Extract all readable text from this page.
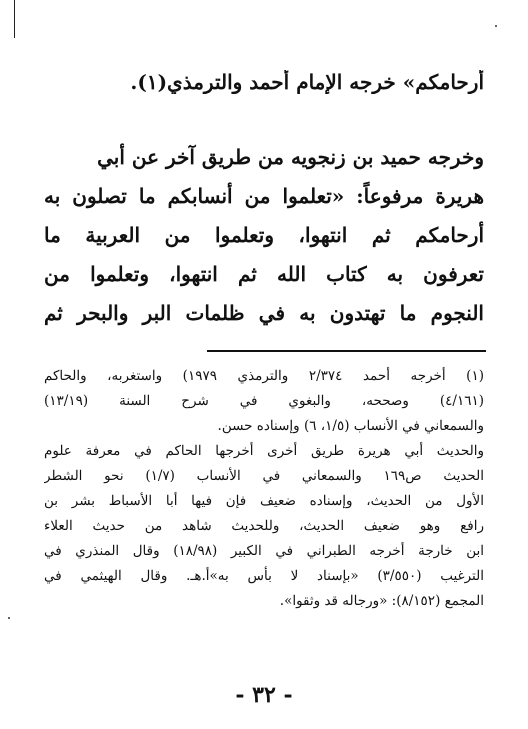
أرحامكم» خرجه الإمام أحمد والترمذي(١).
وخرجه حميد بن زنجويه من طريق آخر عن أبي
هريرة مرفوعاً: «تعلموا من أنسابكم ما تصلون به
أرحامكم ثم انتهوا، وتعلموا من العربية ما
تعرفون به كتاب الله ثم انتهوا، وتعلموا من
النجوم ما تهتدون به في ظلمات البر والبحر ثم
(١) أخرجه أحمد ٢/٣٧٤ والترمذي ١٩٧٩) واستغربه، والحاكم
(٤/١٦١) وصححه، والبغوي في شرح السنة (١٣/١٩)
والسمعاني في الأنساب (١/٥، ٦) وإسناده حسن.
والحديث أبي هريرة طريق أخرى أخرجها الحاكم في معرفة علوم
الحديث ص١٦٩ والسمعاني في الأنساب (١/٧) نحو الشطر
الأول من الحديث، وإسناده ضعيف فإن فيها أبا الأسباط بشر بن
رافع وهو ضعيف الحديث، وللحديث شاهد من حديث العلاء
ابن خارجة أخرجه الطبراني في الكبير (١٨/٩٨) وقال المنذري في
الترغيب (٣/٥٥٠) «بإسناد لا بأس به»أ.هـ. وقال الهيثمي في
المجمع (٨/١٥٢): «ورجاله قد وثقوا».
- ٣٢ -
